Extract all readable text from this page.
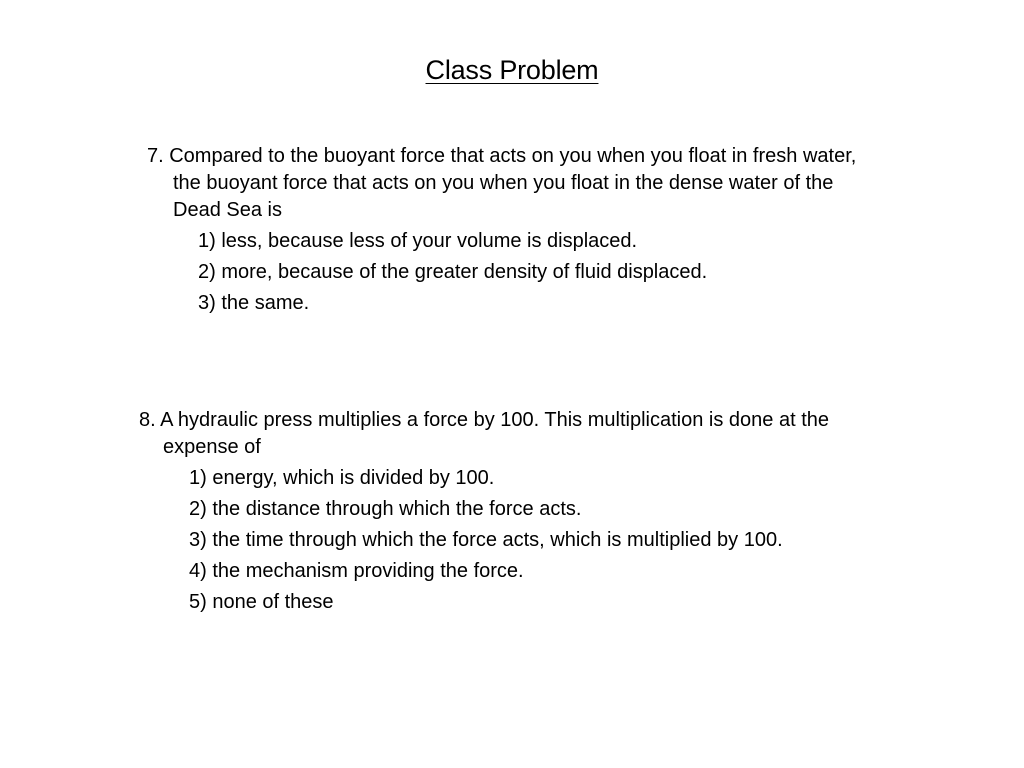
Class Problem

7. Compared to the buoyant force that acts on you when you float in fresh water, the buoyant force that acts on you when you float in the dense water of the Dead Sea is

1) less, because less of your volume is displaced.
2) more, because of the greater density of fluid displaced.
3) the same.

8. A hydraulic press multiplies a force by 100. This multiplication is done at the expense of

1) energy, which is divided by 100.
2) the distance through which the force acts.
3) the time through which the force acts, which is multiplied by 100.
4) the mechanism providing the force.
5) none of these
